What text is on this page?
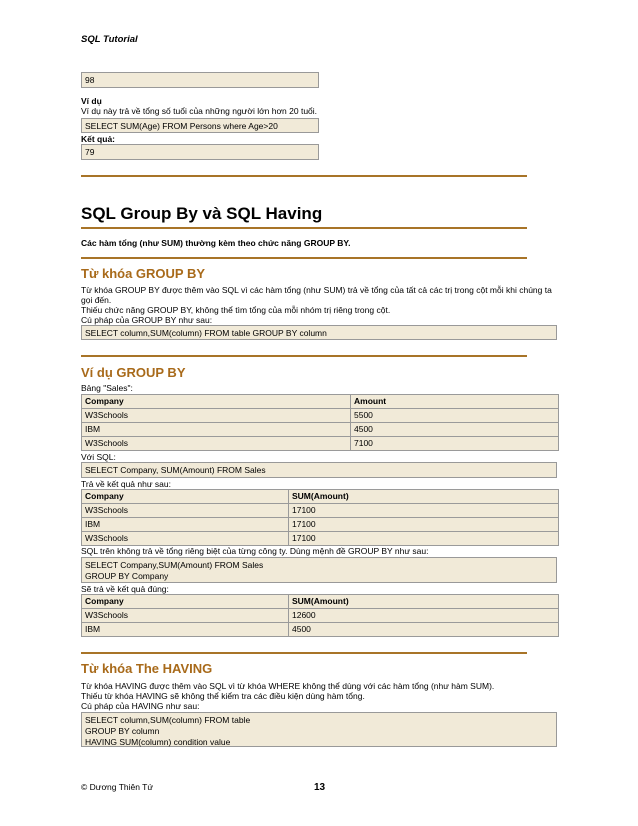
SQL Tutorial
98
Ví dụ
Ví dụ này trả về tổng số tuổi của những người lớn hơn 20 tuổi.
SELECT SUM(Age) FROM Persons where Age>20
Kết quả:
79
SQL Group By và SQL Having
Các hàm tổng (như SUM) thường kèm theo chức năng GROUP BY.
Từ khóa GROUP BY
Từ khóa GROUP BY được thêm vào SQL vì các hàm tổng (như SUM) trả về tổng của tất cả các trị trong cột mỗi khi chúng ta gọi đến.
Thiếu chức năng GROUP BY, không thể tìm tổng của mỗi nhóm trị riêng trong cột.
Cú pháp của GROUP BY như sau:
SELECT column,SUM(column) FROM table GROUP BY column
Ví dụ GROUP BY
Bảng "Sales":
Company	Amount
W3Schools	5500
IBM	4500
W3Schools	7100
Với SQL:
SELECT Company, SUM(Amount) FROM Sales
Trả về kết quả như sau:
Company	SUM(Amount)
W3Schools	17100
IBM	17100
W3Schools	17100
SQL trên không trả về tổng riêng biệt của từng công ty. Dùng mệnh đề GROUP BY như sau:
SELECT Company,SUM(Amount) FROM Sales
GROUP BY Company
Sẽ trả về kết quả đúng:
Company	SUM(Amount)
W3Schools	12600
IBM	4500
Từ khóa The HAVING
Từ khóa HAVING được thêm vào SQL vì từ khóa WHERE không thể dùng với các hàm tổng (như hàm SUM).
Thiếu từ khóa HAVING sẽ không thể kiểm tra các điều kiện dùng hàm tổng.
Cú pháp của HAVING như sau:
SELECT column,SUM(column) FROM table
GROUP BY column
HAVING SUM(column) condition value
© Dương Thiên Tứ	13
